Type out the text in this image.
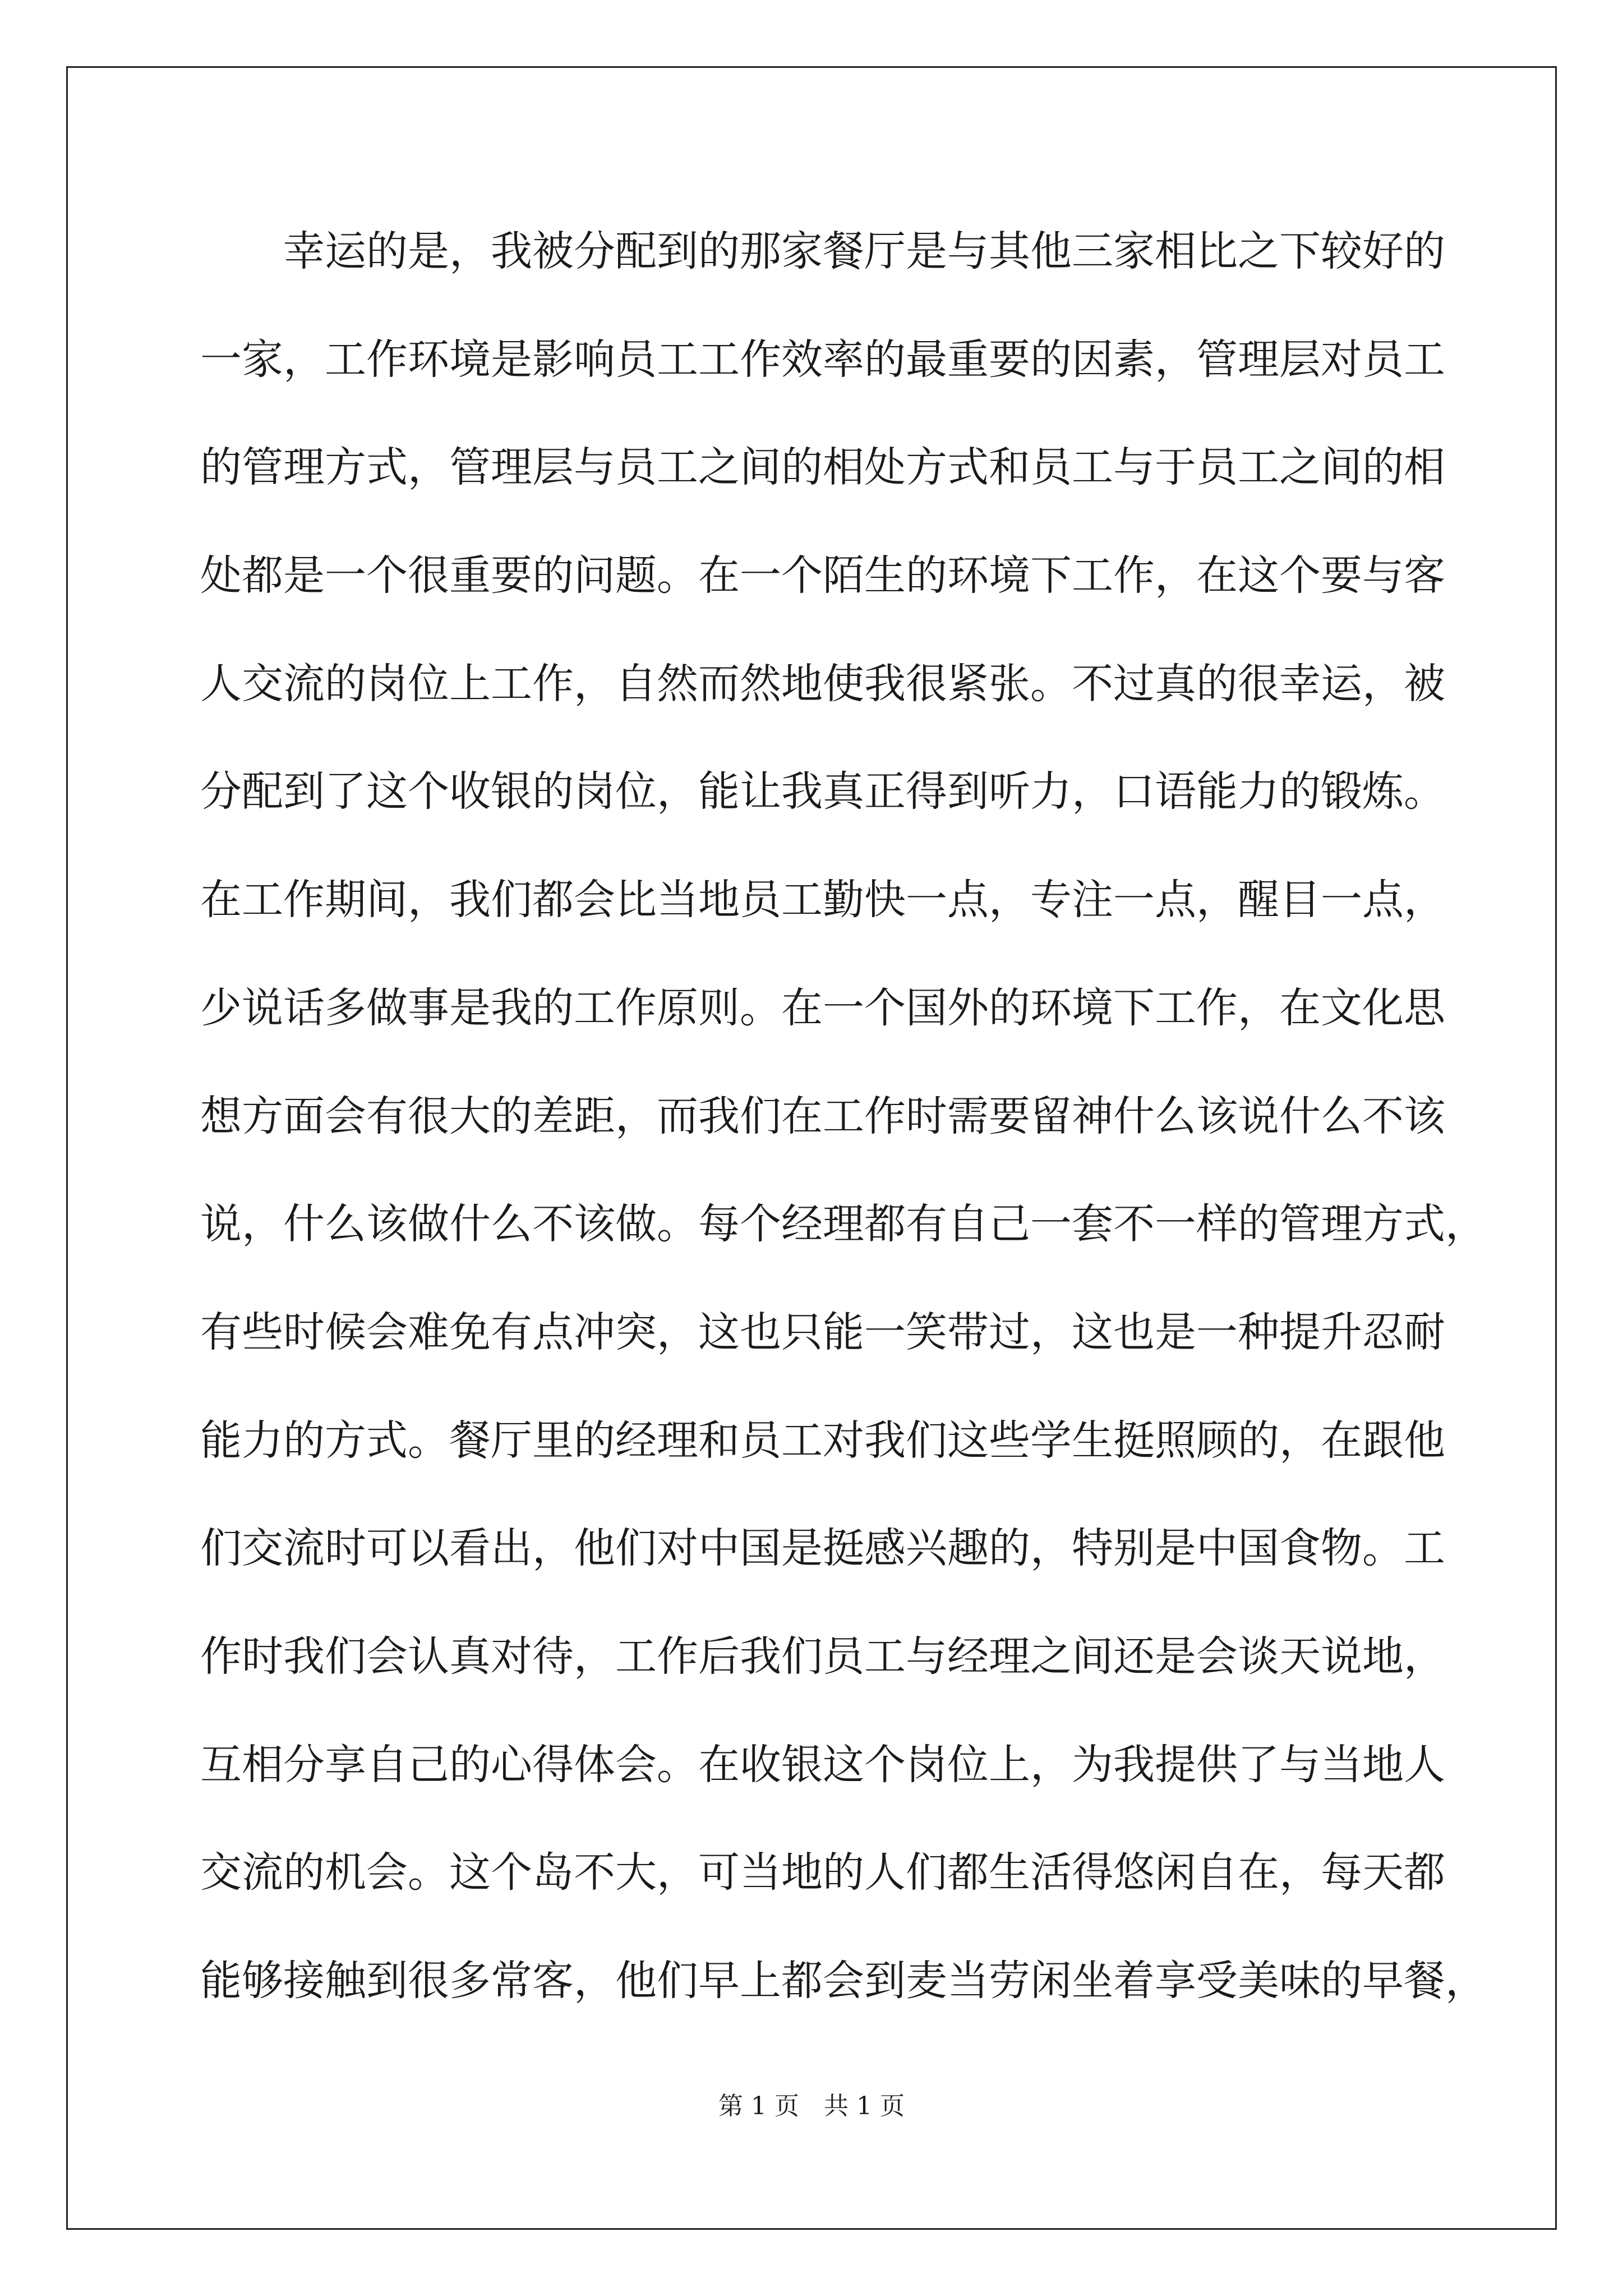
　　幸运的是，我被分配到的那家餐厅是与其他三家相比之下较好的
一家，工作环境是影响员工工作效率的最重要的因素，管理层对员工
的管理方式，管理层与员工之间的相处方式和员工与于员工之间的相
处都是一个很重要的问题。在一个陌生的环境下工作，在这个要与客
人交流的岗位上工作，自然而然地使我很紧张。不过真的很幸运，被
分配到了这个收银的岗位，能让我真正得到听力，口语能力的锻炼。
在工作期间，我们都会比当地员工勤快一点，专注一点，醒目一点，
少说话多做事是我的工作原则。在一个国外的环境下工作，在文化思
想方面会有很大的差距，而我们在工作时需要留神什么该说什么不该
说，什么该做什么不该做。每个经理都有自己一套不一样的管理方式，
有些时候会难免有点冲突，这也只能一笑带过，这也是一种提升忍耐
能力的方式。餐厅里的经理和员工对我们这些学生挺照顾的，在跟他
们交流时可以看出，他们对中国是挺感兴趣的，特别是中国食物。工
作时我们会认真对待，工作后我们员工与经理之间还是会谈天说地，
互相分享自己的心得体会。在收银这个岗位上，为我提供了与当地人
交流的机会。这个岛不大，可当地的人们都生活得悠闲自在，每天都
能够接触到很多常客，他们早上都会到麦当劳闲坐着享受美味的早餐，
第 1 页　共 1 页
